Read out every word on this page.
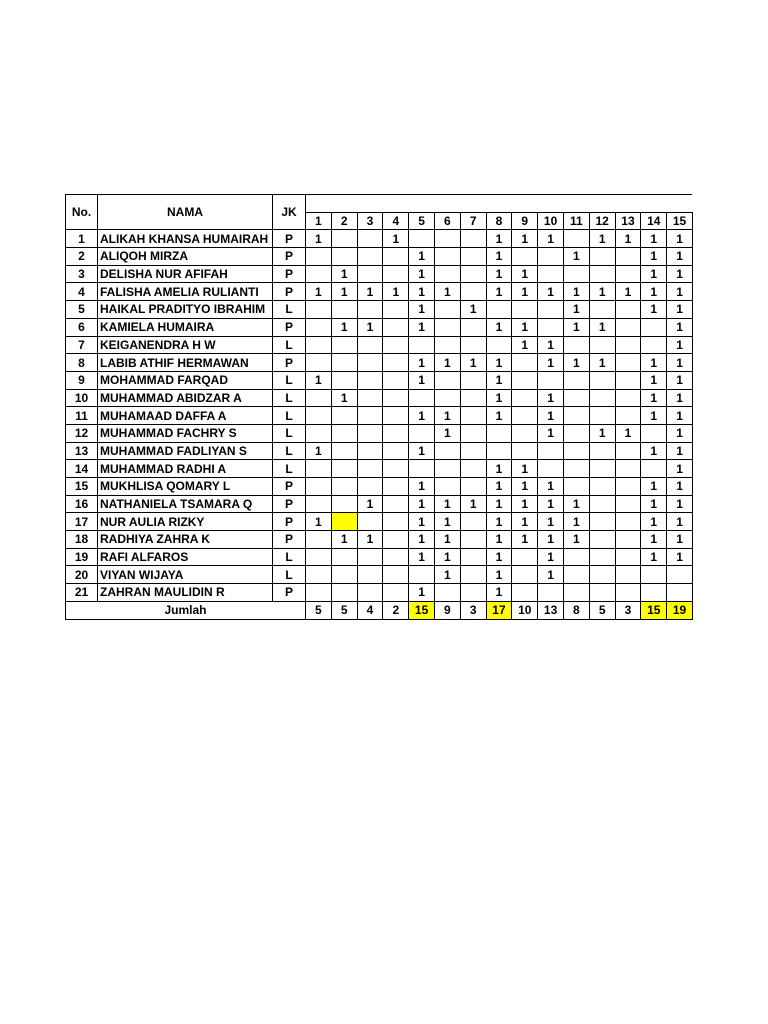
No.	NAMA	JK															
			1	2	3	4	5	6	7	8	9	10	11	12	13	14	15
1	ALIKAH KHANSA HUMAIRAH	P	1			1				1	1	1		1	1	1	1
2	ALIQOH MIRZA	P					1			1			1			1	1
3	DELISHA NUR AFIFAH	P		1			1			1	1					1	1
4	FALISHA AMELIA RULIANTI	P	1	1	1	1	1	1		1	1	1	1	1	1	1	1
5	HAIKAL PRADITYO IBRAHIM	L					1		1				1			1	1
6	KAMIELA HUMAIRA	P		1	1		1			1	1		1	1			1
7	KEIGANENDRA H W	L									1	1					1
8	LABIB ATHIF HERMAWAN	P					1	1	1	1		1	1	1		1	1
9	MOHAMMAD FARQAD	L	1				1			1						1	1
10	MUHAMMAD ABIDZAR A	L		1						1		1				1	1
11	MUHAMAAD DAFFA A	L					1	1		1		1				1	1
12	MUHAMMAD FACHRY S	L						1				1		1	1		1
13	MUHAMMAD FADLIYAN S	L	1				1									1	1
14	MUHAMMAD RADHI A	L								1	1						1
15	MUKHLISA QOMARY L	P					1			1	1	1				1	1
16	NATHANIELA TSAMARA Q	P			1		1	1	1	1	1	1	1			1	1
17	NUR AULIA RIZKY	P	1				1	1		1	1	1	1			1	1
18	RADHIYA ZAHRA K	P		1	1		1	1		1	1	1	1			1	1
19	RAFI ALFAROS	L					1	1		1		1				1	1
20	VIYAN WIJAYA	L						1		1		1					
21	ZAHRAN MAULIDIN R	P					1			1							
Jumlah			5	5	4	2	15	9	3	17	10	13	8	5	3	15	19
